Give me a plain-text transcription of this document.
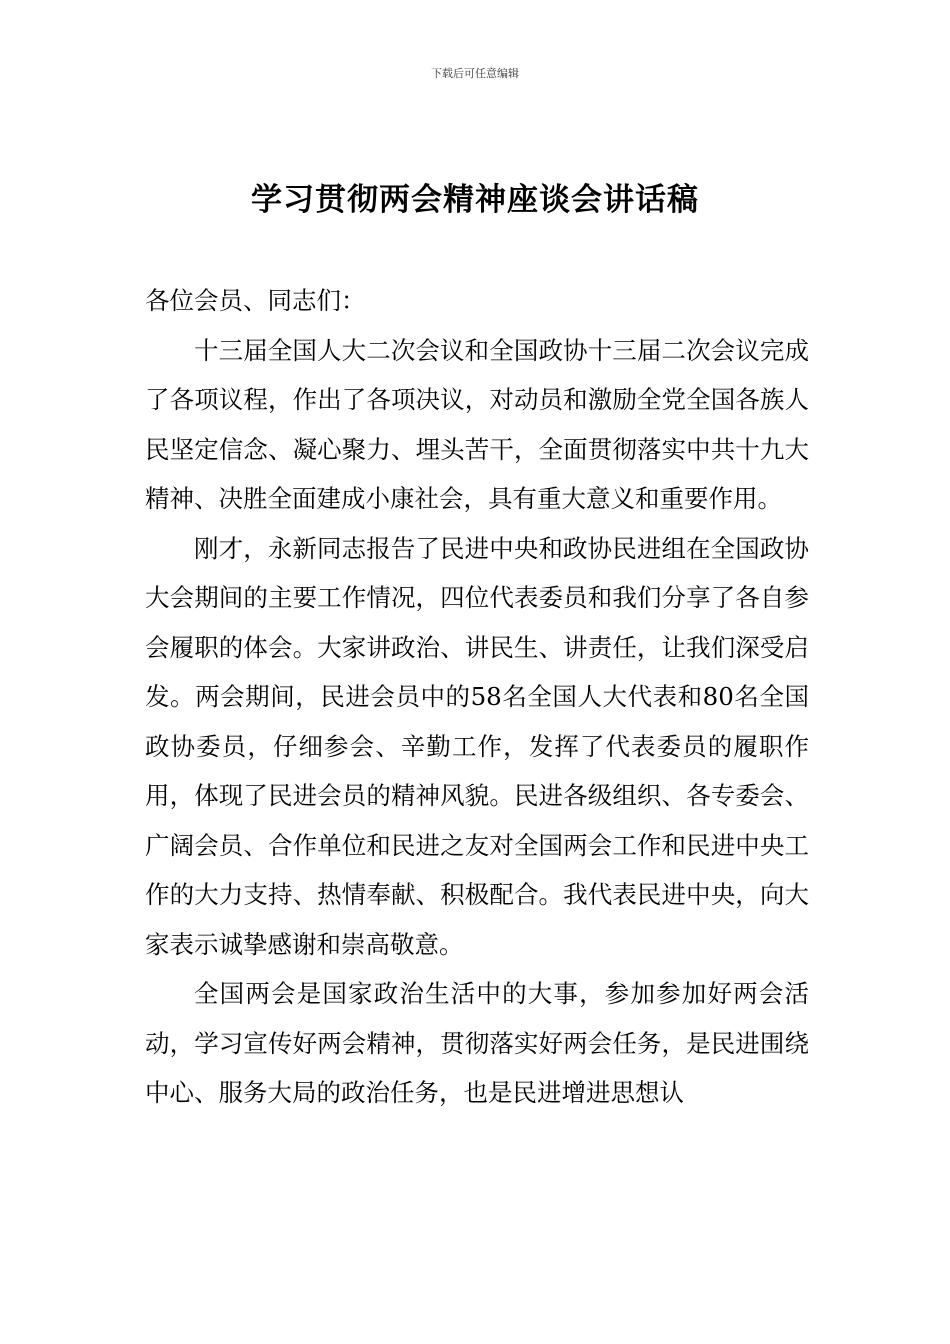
下载后可任意编辑
学习贯彻两会精神座谈会讲话稿

各位会员、同志们：

十三届全国人大二次会议和全国政协十三届二次会议完成了各项议程，作出了各项决议，对动员和激励全党全国各族人民坚定信念、凝心聚力、埋头苦干，全面贯彻落实中共十九大精神、决胜全面建成小康社会，具有重大意义和重要作用。

刚才，永新同志报告了民进中央和政协民进组在全国政协大会期间的主要工作情况，四位代表委员和我们分享了各自参会履职的体会。大家讲政治、讲民生、讲责任，让我们深受启发。两会期间，民进会员中的58名全国人大代表和80名全国政协委员，仔细参会、辛勤工作，发挥了代表委员的履职作用，体现了民进会员的精神风貌。民进各级组织、各专委会、广阔会员、合作单位和民进之友对全国两会工作和民进中央工作的大力支持、热情奉献、积极配合。我代表民进中央，向大家表示诚挚感谢和崇高敬意。

全国两会是国家政治生活中的大事，参加参加好两会活动，学习宣传好两会精神，贯彻落实好两会任务，是民进围绕中心、服务大局的政治任务，也是民进增进思想认
